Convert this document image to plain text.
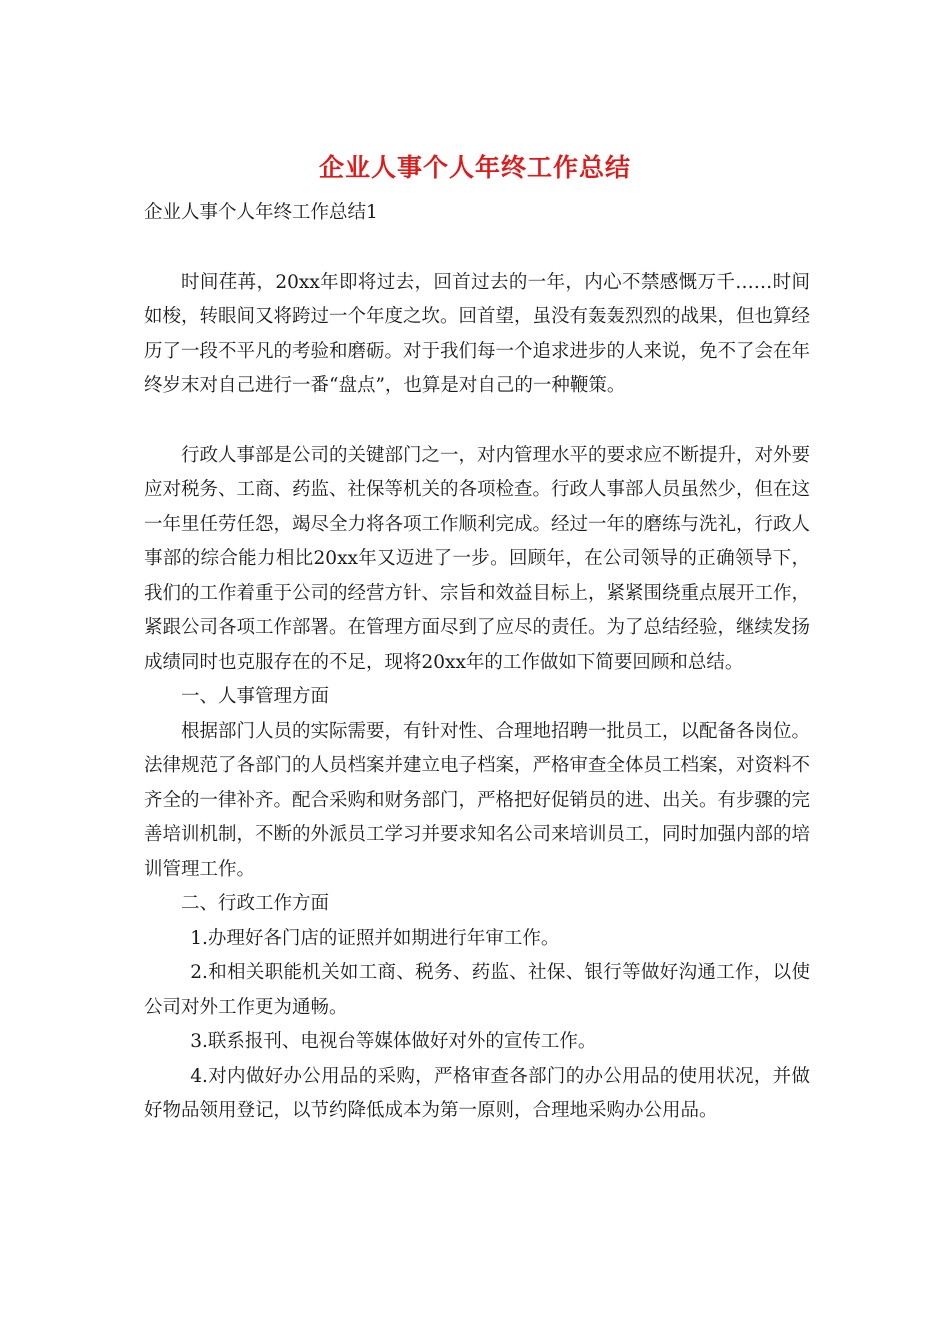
企业人事个人年终工作总结
企业人事个人年终工作总结1

时间荏苒，20xx年即将过去，回首过去的一年，内心不禁感慨万千……时间如梭，转眼间又将跨过一个年度之坎。回首望，虽没有轰轰烈烈的战果，但也算经历了一段不平凡的考验和磨砺。对于我们每一个追求进步的人来说，免不了会在年终岁末对自己进行一番“盘点”，也算是对自己的一种鞭策。

行政人事部是公司的关键部门之一，对内管理水平的要求应不断提升，对外要应对税务、工商、药监、社保等机关的各项检查。行政人事部人员虽然少，但在这一年里任劳任怨，竭尽全力将各项工作顺利完成。经过一年的磨练与洗礼，行政人事部的综合能力相比20xx年又迈进了一步。回顾年，在公司领导的正确领导下，我们的工作着重于公司的经营方针、宗旨和效益目标上，紧紧围绕重点展开工作，紧跟公司各项工作部署。在管理方面尽到了应尽的责任。为了总结经验，继续发扬成绩同时也克服存在的不足，现将20xx年的工作做如下简要回顾和总结。

一、人事管理方面

根据部门人员的实际需要，有针对性、合理地招聘一批员工，以配备各岗位。法律规范了各部门的人员档案并建立电子档案，严格审查全体员工档案，对资料不齐全的一律补齐。配合采购和财务部门，严格把好促销员的进、出关。有步骤的完善培训机制，不断的外派员工学习并要求知名公司来培训员工，同时加强内部的培训管理工作。

二、行政工作方面

1.办理好各门店的证照并如期进行年审工作。

2.和相关职能机关如工商、税务、药监、社保、银行等做好沟通工作，以使公司对外工作更为通畅。

3.联系报刊、电视台等媒体做好对外的宣传工作。

4.对内做好办公用品的采购，严格审查各部门的办公用品的使用状况，并做好物品领用登记，以节约降低成本为第一原则，合理地采购办公用品。
